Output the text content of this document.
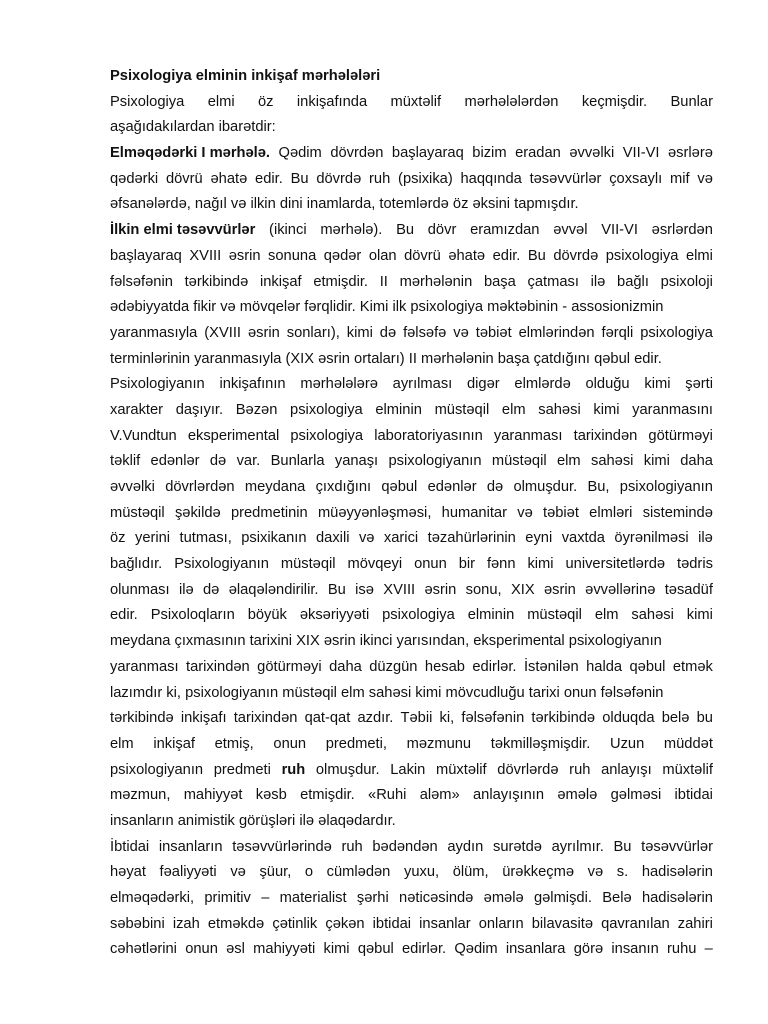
Psixologiya elminin inkişaf mərhələləri
Psixologiya elmi öz inkişafında müxtəlif mərhələlərdən keçmişdir. Bunlar
aşağıdakılardan ibarətdir:
Elməqədərki I mərhələ. Qədim dövrdən başlayaraq bizim eradan əvvəlki VII-VI əsrlərə
qədərki dövrü əhatə edir. Bu dövrdə ruh (psixika) haqqında təsəvvürlər çoxsaylı mif və
əfsanələrdə, nağıl və ilkin dini inamlarda, totemlərdə öz əksini tapmışdır.
İlkin elmi təsəvvürlər (ikinci mərhələ). Bu dövr eramızdan əvvəl VII-VI əsrlərdən
başlayaraq XVIII əsrin sonuna qədər olan dövrü əhatə edir. Bu dövrdə psixologiya elmi
fəlsəfənin tərkibində inkişaf etmişdir. II mərhələnin başa çatması ilə bağlı psixoloji
ədəbiyyatda fikir və mövqelər fərqlidir. Kimi ilk psixologiya məktəbinin - assosionizmin
yaranmasıyla (XVIII əsrin sonları), kimi də fəlsəfə və təbiət elmlərindən fərqli psixologiya
terminlərinin yaranmasıyla (XIX əsrin ortaları) II mərhələnin başa çatdığını qəbul edir.
Psixologiyanın inkişafının mərhələlərə ayrılması digər elmlərdə olduğu kimi şərti
xarakter daşıyır. Bəzən psixologiya elminin müstəqil elm sahəsi kimi yaranmasını
V.Vundtun eksperimental psixologiya laboratoriyasının yaranması tarixindən götürməyi
təklif edənlər də var. Bunlarla yanaşı psixologiyanın müstəqil elm sahəsi kimi daha
əvvəlki dövrlərdən meydana çıxdığını qəbul edənlər də olmuşdur. Bu, psixologiyanın
müstəqil şəkildə predmetinin müəyyənləşməsi, humanitar və təbiət elmləri sistemində
öz yerini tutması, psixikanın daxili və xarici təzahürlərinin eyni vaxtda öyrənilməsi ilə
bağlıdır. Psixologiyanın müstəqil mövqeyi onun bir fənn kimi universitetlərdə tədris
olunması ilə də əlaqələndirilir. Bu isə XVIII əsrin sonu, XIX əsrin əvvəllərinə təsadüf
edir. Psixoloqların böyük əksəriyyəti psixologiya elminin müstəqil elm sahəsi kimi
meydana çıxmasının tarixini XIX əsrin ikinci yarısından, eksperimental psixologiyanın
yaranması tarixindən götürməyi daha düzgün hesab edirlər. İstənilən halda qəbul etmək
lazımdır ki, psixologiyanın müstəqil elm sahəsi kimi mövcudluğu tarixi onun fəlsəfənin
tərkibində inkişafı tarixindən qat-qat azdır. Təbii ki, fəlsəfənin tərkibində olduqda belə bu
elm inkişaf etmiş, onun predmeti, məzmunu təkmilləşmişdir. Uzun müddət
psixologiyanın predmeti ruh olmuşdur. Lakin müxtəlif dövrlərdə ruh anlayışı müxtəlif
məzmun, mahiyyət kəsb etmişdir. «Ruhi aləm» anlayışının əmələ gəlməsi ibtidai
insanların animistik görüşləri ilə əlaqədardır.
İbtidai insanların təsəvvürlərində ruh bədəndən aydın surətdə ayrılmır. Bu təsəvvürlər
həyat fəaliyyəti və şüur, o cümlədən yuxu, ölüm, ürəkkeçmə və s. hadisələrin
elməqədərki, primitiv – materialist şərhi nəticəsində əmələ gəlmişdi. Belə hadisələrin
səbəbini izah etməkdə çətinlik çəkən ibtidai insanlar onların bilavasitə qavranılan zahiri
cəhətlərini onun əsl mahiyyəti kimi qəbul edirlər. Qədim insanlara görə insanın ruhu –
